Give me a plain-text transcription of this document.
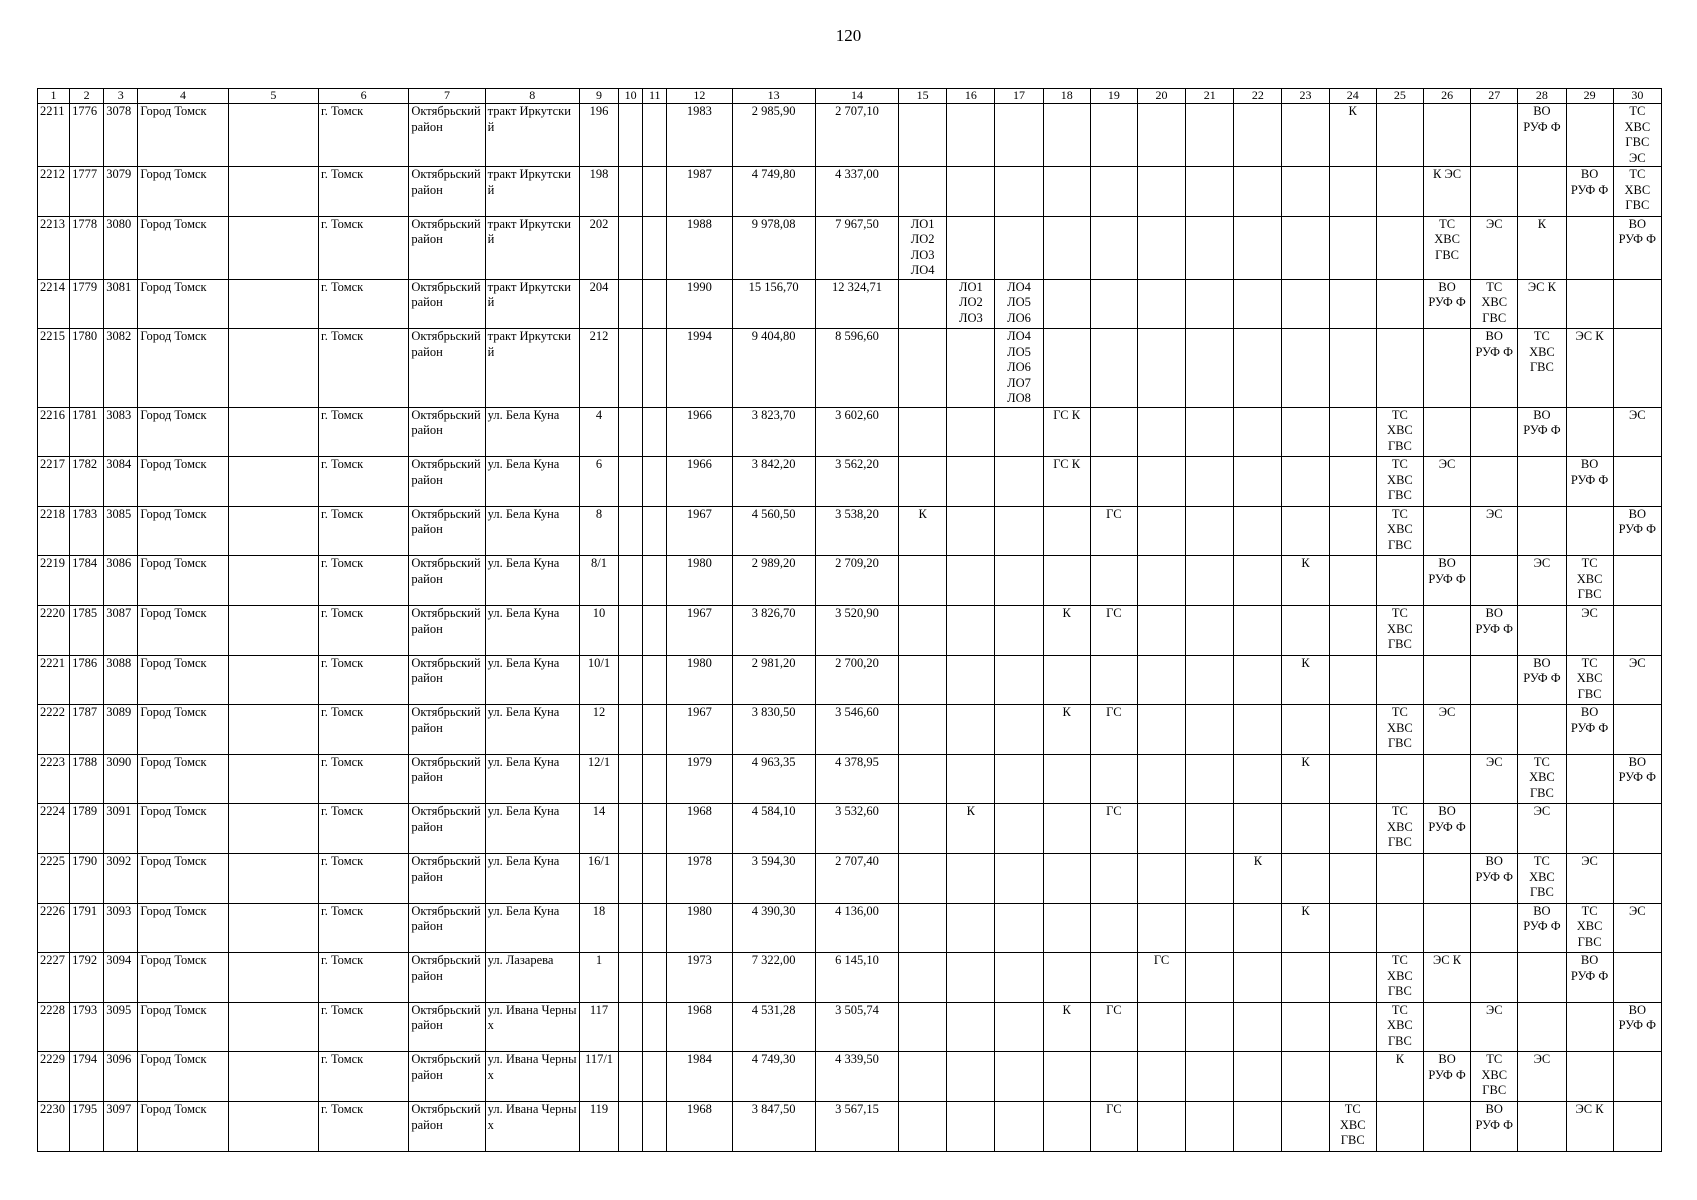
120
1	2	3	4	5	6	7	8	9	10	11	12	13	14	15	16	17	18	19	20	21	22	23	24	25	26	27	28	29	30
2211	1776	3078	Город Томск		г. Томск	Октябрьский район	тракт Иркутский	196			1983	2 985,90	2 707,10										К				ВО
РУФ Ф		ТС
ХВС
ГВС
ЭС
2212	1777	3079	Город Томск		г. Томск	Октябрьский район	тракт Иркутский	198			1987	4 749,80	4 337,00												К ЭС			ВО
РУФ Ф	ТС
ХВС
ГВС
2213	1778	3080	Город Томск		г. Томск	Октябрьский район	тракт Иркутский	202			1988	9 978,08	7 967,50	ЛО1
ЛО2
ЛО3
ЛО4											ТС
ХВС
ГВС	ЭС	К		ВО
РУФ Ф
2214	1779	3081	Город Томск		г. Томск	Октябрьский район	тракт Иркутский	204			1990	15 156,70	12 324,71		ЛО1
ЛО2
ЛО3	ЛО4
ЛО5
ЛО6									ВО
РУФ Ф	ТС
ХВС
ГВС	ЭС К		
2215	1780	3082	Город Томск		г. Томск	Октябрьский район	тракт Иркутский	212			1994	9 404,80	8 596,60			ЛО4
ЛО5
ЛО6
ЛО7
ЛО8										ВО
РУФ Ф	ТС
ХВС
ГВС	ЭС К	
2216	1781	3083	Город Томск		г. Томск	Октябрьский район	ул. Бела Куна	4			1966	3 823,70	3 602,60				ГС К							ТС
ХВС
ГВС			ВО
РУФ Ф		ЭС
2217	1782	3084	Город Томск		г. Томск	Октябрьский район	ул. Бела Куна	6			1966	3 842,20	3 562,20				ГС К							ТС
ХВС
ГВС	ЭС			ВО
РУФ Ф	
2218	1783	3085	Город Томск		г. Томск	Октябрьский район	ул. Бела Куна	8			1967	4 560,50	3 538,20	К				ГС						ТС
ХВС
ГВС		ЭС			ВО
РУФ Ф
2219	1784	3086	Город Томск		г. Томск	Октябрьский район	ул. Бела Куна	8/1			1980	2 989,20	2 709,20									К			ВО
РУФ Ф		ЭС	ТС
ХВС
ГВС	
2220	1785	3087	Город Томск		г. Томск	Октябрьский район	ул. Бела Куна	10			1967	3 826,70	3 520,90				К	ГС						ТС
ХВС
ГВС		ВО
РУФ Ф		ЭС	
2221	1786	3088	Город Томск		г. Томск	Октябрьский район	ул. Бела Куна	10/1			1980	2 981,20	2 700,20									К					ВО
РУФ Ф	ТС
ХВС
ГВС	ЭС
2222	1787	3089	Город Томск		г. Томск	Октябрьский район	ул. Бела Куна	12			1967	3 830,50	3 546,60				К	ГС						ТС
ХВС
ГВС	ЭС			ВО
РУФ Ф	
2223	1788	3090	Город Томск		г. Томск	Октябрьский район	ул. Бела Куна	12/1			1979	4 963,35	4 378,95									К				ЭС	ТС
ХВС
ГВС		ВО
РУФ Ф
2224	1789	3091	Город Томск		г. Томск	Октябрьский район	ул. Бела Куна	14			1968	4 584,10	3 532,60		К			ГС						ТС
ХВС
ГВС	ВО
РУФ Ф		ЭС		
2225	1790	3092	Город Томск		г. Томск	Октябрьский район	ул. Бела Куна	16/1			1978	3 594,30	2 707,40								К					ВО
РУФ Ф	ТС
ХВС
ГВС	ЭС	
2226	1791	3093	Город Томск		г. Томск	Октябрьский район	ул. Бела Куна	18			1980	4 390,30	4 136,00									К					ВО
РУФ Ф	ТС
ХВС
ГВС	ЭС
2227	1792	3094	Город Томск		г. Томск	Октябрьский район	ул. Лазарева	1			1973	7 322,00	6 145,10						ГС					ТС
ХВС
ГВС	ЭС К			ВО
РУФ Ф	
2228	1793	3095	Город Томск		г. Томск	Октябрьский район	ул. Ивана Черных	117			1968	4 531,28	3 505,74				К	ГС						ТС
ХВС
ГВС		ЭС			ВО
РУФ Ф
2229	1794	3096	Город Томск		г. Томск	Октябрьский район	ул. Ивана Черных	117/1			1984	4 749,30	4 339,50											К	ВО
РУФ Ф	ТС
ХВС
ГВС	ЭС		
2230	1795	3097	Город Томск		г. Томск	Октябрьский район	ул. Ивана Черных	119			1968	3 847,50	3 567,15					ГС					ТС
ХВС
ГВС			ВО
РУФ Ф		ЭС К	
